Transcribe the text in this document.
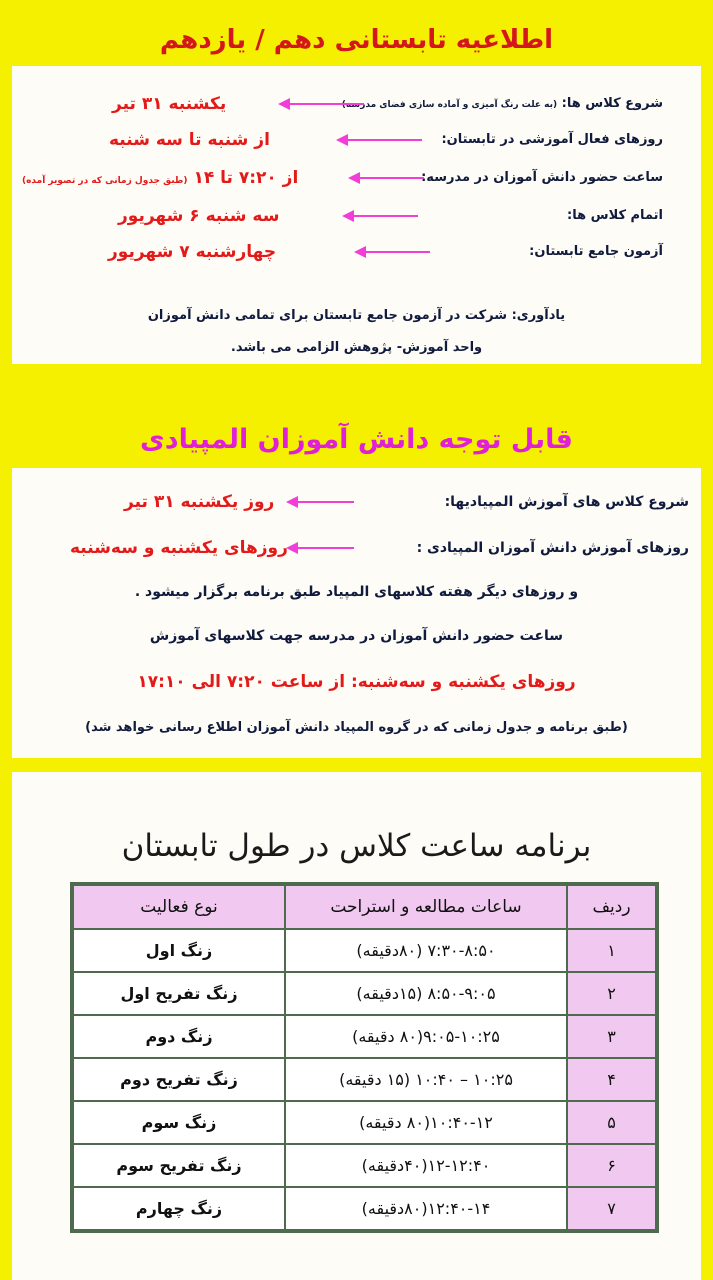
اطلاعیه تابستانی دهم / یازدهم
شروع کلاس ها: (به علت رنگ آمیزی و آماده سازی فضای مدرسه)
یکشنبه ۳۱ تیر
روزهای فعال آموزشی در تابستان:
از شنبه تا سه شنبه
ساعت حضور دانش آموزان در مدرسه:
از ۷:۲۰ تا ۱۴ (طبق جدول زمانی که در تصویر آمده)
اتمام کلاس ها:
سه شنبه ۶ شهریور
آزمون جامع تابستان:
چهارشنبه ۷ شهریور
یادآوری: شرکت در آزمون جامع تابستان برای تمامی دانش آموزان
واحد آموزش- پژوهش الزامی می باشد.
قابل توجه دانش آموزان المپیادی
شروع کلاس های آموزش المپیادیها:
روز یکشنبه ۳۱ تیر
روزهای آموزش دانش آموزان المپیادی :
روزهای یکشنبه و سه‌شنبه
و روزهای دیگر هفته کلاسهای المپیاد طبق برنامه برگزار میشود .
ساعت حضور دانش آموزان در مدرسه جهت کلاسهای آموزش
روزهای یکشنبه و سه‌شنبه: از ساعت ۷:۲۰ الی ۱۷:۱۰
(طبق برنامه و جدول زمانی که در گروه المپیاد دانش آموزان اطلاع رسانی خواهد شد)
برنامه ساعت کلاس در طول تابستان
ردیف	ساعات مطالعه و استراحت	نوع فعالیت
۱	۷:۳۰-۸:۵۰ (۸۰دقیقه)	زنگ اول
۲	۸:۵۰-۹:۰۵ (۱۵دقیقه)	زنگ تفریح اول
۳	۹:۰۵-۱۰:۲۵(۸۰ دقیقه)	زنگ دوم
۴	۱۰:۲۵ – ۱۰:۴۰ (۱۵ دقیقه)	زنگ تفریح دوم
۵	۱۰:۴۰-۱۲(۸۰ دقیقه)	زنگ سوم
۶	۱۲-۱۲:۴۰(۴۰دقیقه)	زنگ تفریح سوم
۷	۱۲:۴۰-۱۴(۸۰دقیقه)	زنگ چهارم
